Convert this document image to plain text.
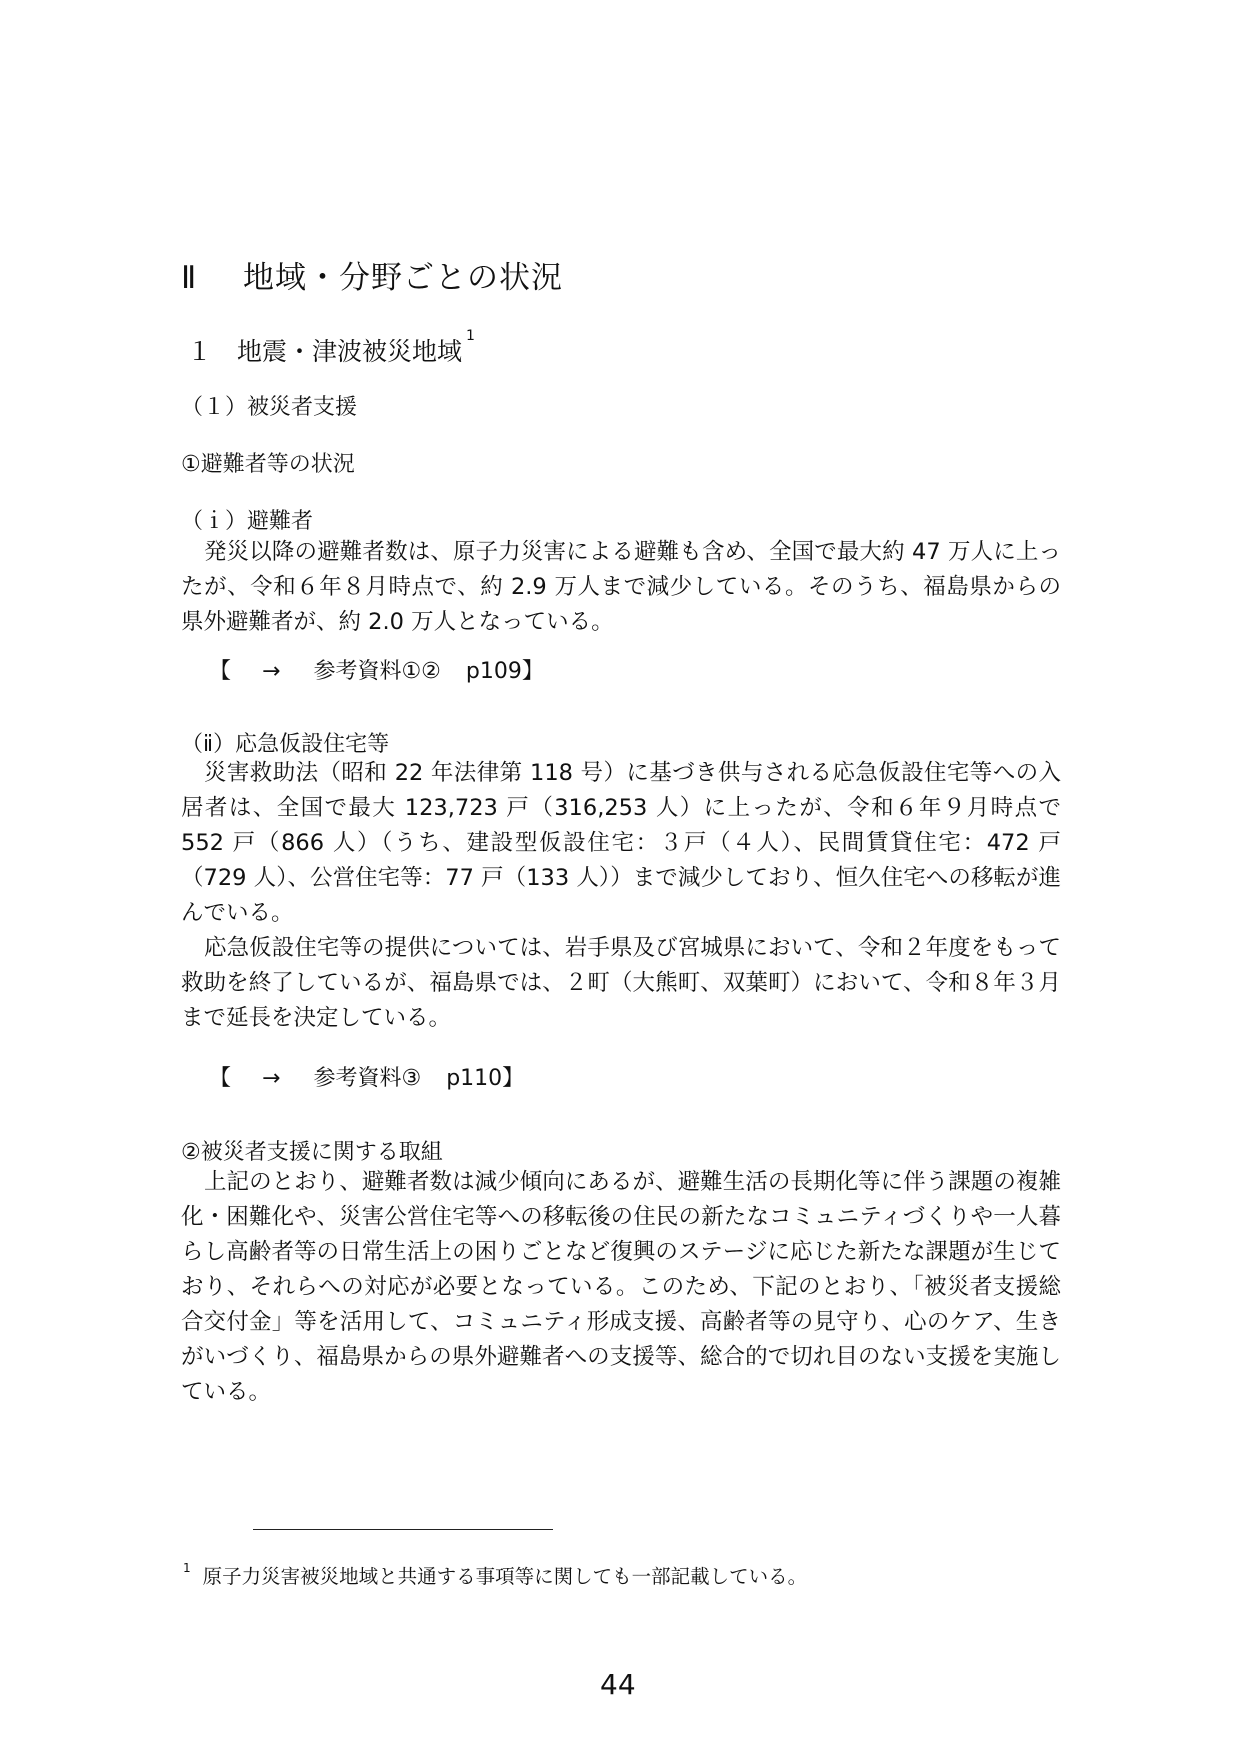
Ⅱ 地域・分野ごとの状況
１ 地震・津波被災地域$^1$
（１）被災者支援
①避難者等の状況
（ｉ）避難者

発災以降の避難者数は、原子力災害による避難も含め、全国で最大約 47 万人に上ったが、令和６年８月時点で、約 2.9 万人まで減少している。そのうち、福島県からの県外避難者が、約 2.0 万人となっている。

【 → 参考資料①② p109】
（ⅱ）応急仮設住宅等

災害救助法（昭和 22 年法律第 118 号）に基づき供与される応急仮設住宅等への入居者は、全国で最大 123,723 戸（316,253 人）に上ったが、令和６年９月時点で 552 戸（866 人）（うち、建設型仮設住宅：３戸（４人）、民間賃貸住宅：472 戸（729 人）、公営住宅等：77 戸（133 人））まで減少しており、恒久住宅への移転が進んでいる。

応急仮設住宅等の提供については、岩手県及び宮城県において、令和２年度をもって救助を終了しているが、福島県では、２町（大熊町、双葉町）において、令和８年３月まで延長を決定している。

【 → 参考資料③ p110】
②被災者支援に関する取組

上記のとおり、避難者数は減少傾向にあるが、避難生活の長期化等に伴う課題の複雑化・困難化や、災害公営住宅等への移転後の住民の新たなコミュニティづくりや一人暮らし高齢者等の日常生活上の困りごとなど復興のステージに応じた新たな課題が生じており、それらへの対応が必要となっている。このため、下記のとおり、「被災者支援総合交付金」等を活用して、コミュニティ形成支援、高齢者等の見守り、心のケア、生きがいづくり、福島県からの県外避難者への支援等、総合的で切れ目のない支援を実施している。

$^1$ 原子力災害被災地域と共通する事項等に関しても一部記載している。
44
